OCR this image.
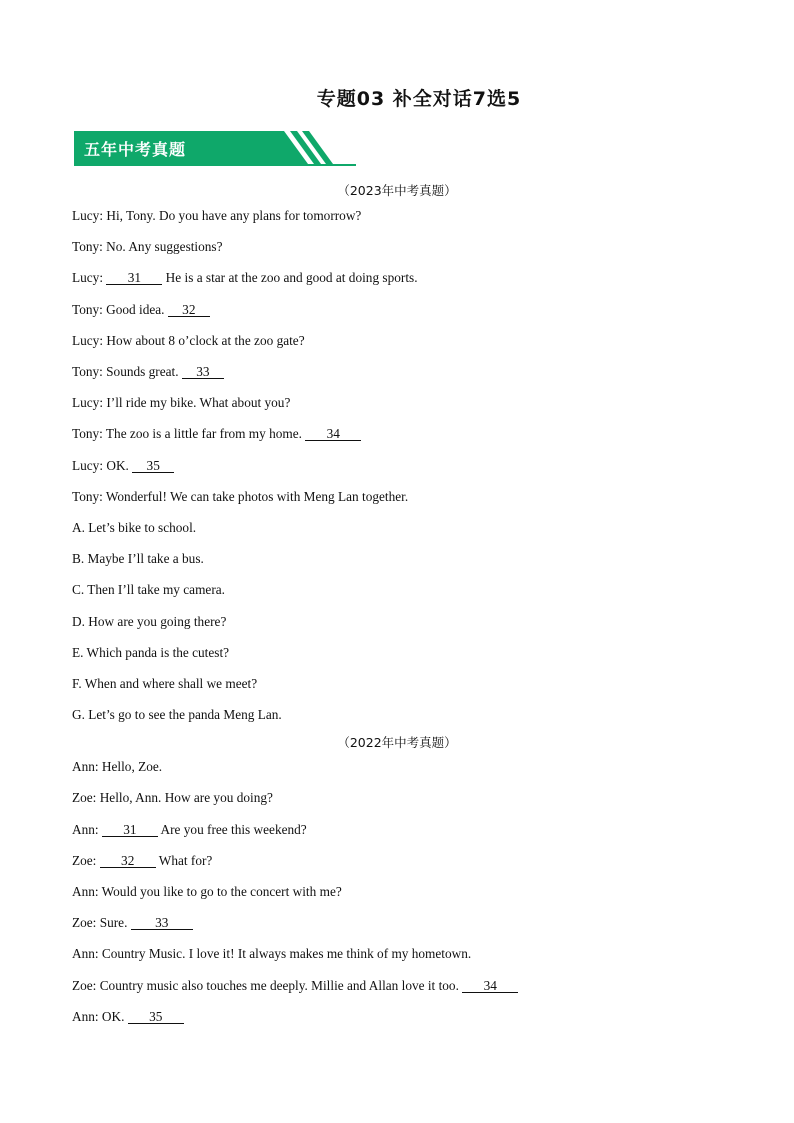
专题03 补全对话7选5
五年中考真题
（2023年中考真题）
Lucy: Hi, Tony. Do you have any plans for tomorrow?
Tony: No. Any suggestions?
Lucy: 31 He is a star at the zoo and good at doing sports.
Tony: Good idea. 32
Lucy: How about 8 o’clock at the zoo gate?
Tony: Sounds great. 33
Lucy: I’ll ride my bike. What about you?
Tony: The zoo is a little far from my home. 34
Lucy: OK. 35
Tony: Wonderful! We can take photos with Meng Lan together.
A. Let’s bike to school.
B. Maybe I’ll take a bus.
C. Then I’ll take my camera.
D. How are you going there?
E. Which panda is the cutest?
F. When and where shall we meet?
G. Let’s go to see the panda Meng Lan.
（2022年中考真题）
Ann: Hello, Zoe.
Zoe: Hello, Ann. How are you doing?
Ann: 31 Are you free this weekend?
Zoe: 32 What for?
Ann: Would you like to go to the concert with me?
Zoe: Sure. 33
Ann: Country Music. I love it! It always makes me think of my hometown.
Zoe: Country music also touches me deeply. Millie and Allan love it too. 34
Ann: OK. 35
